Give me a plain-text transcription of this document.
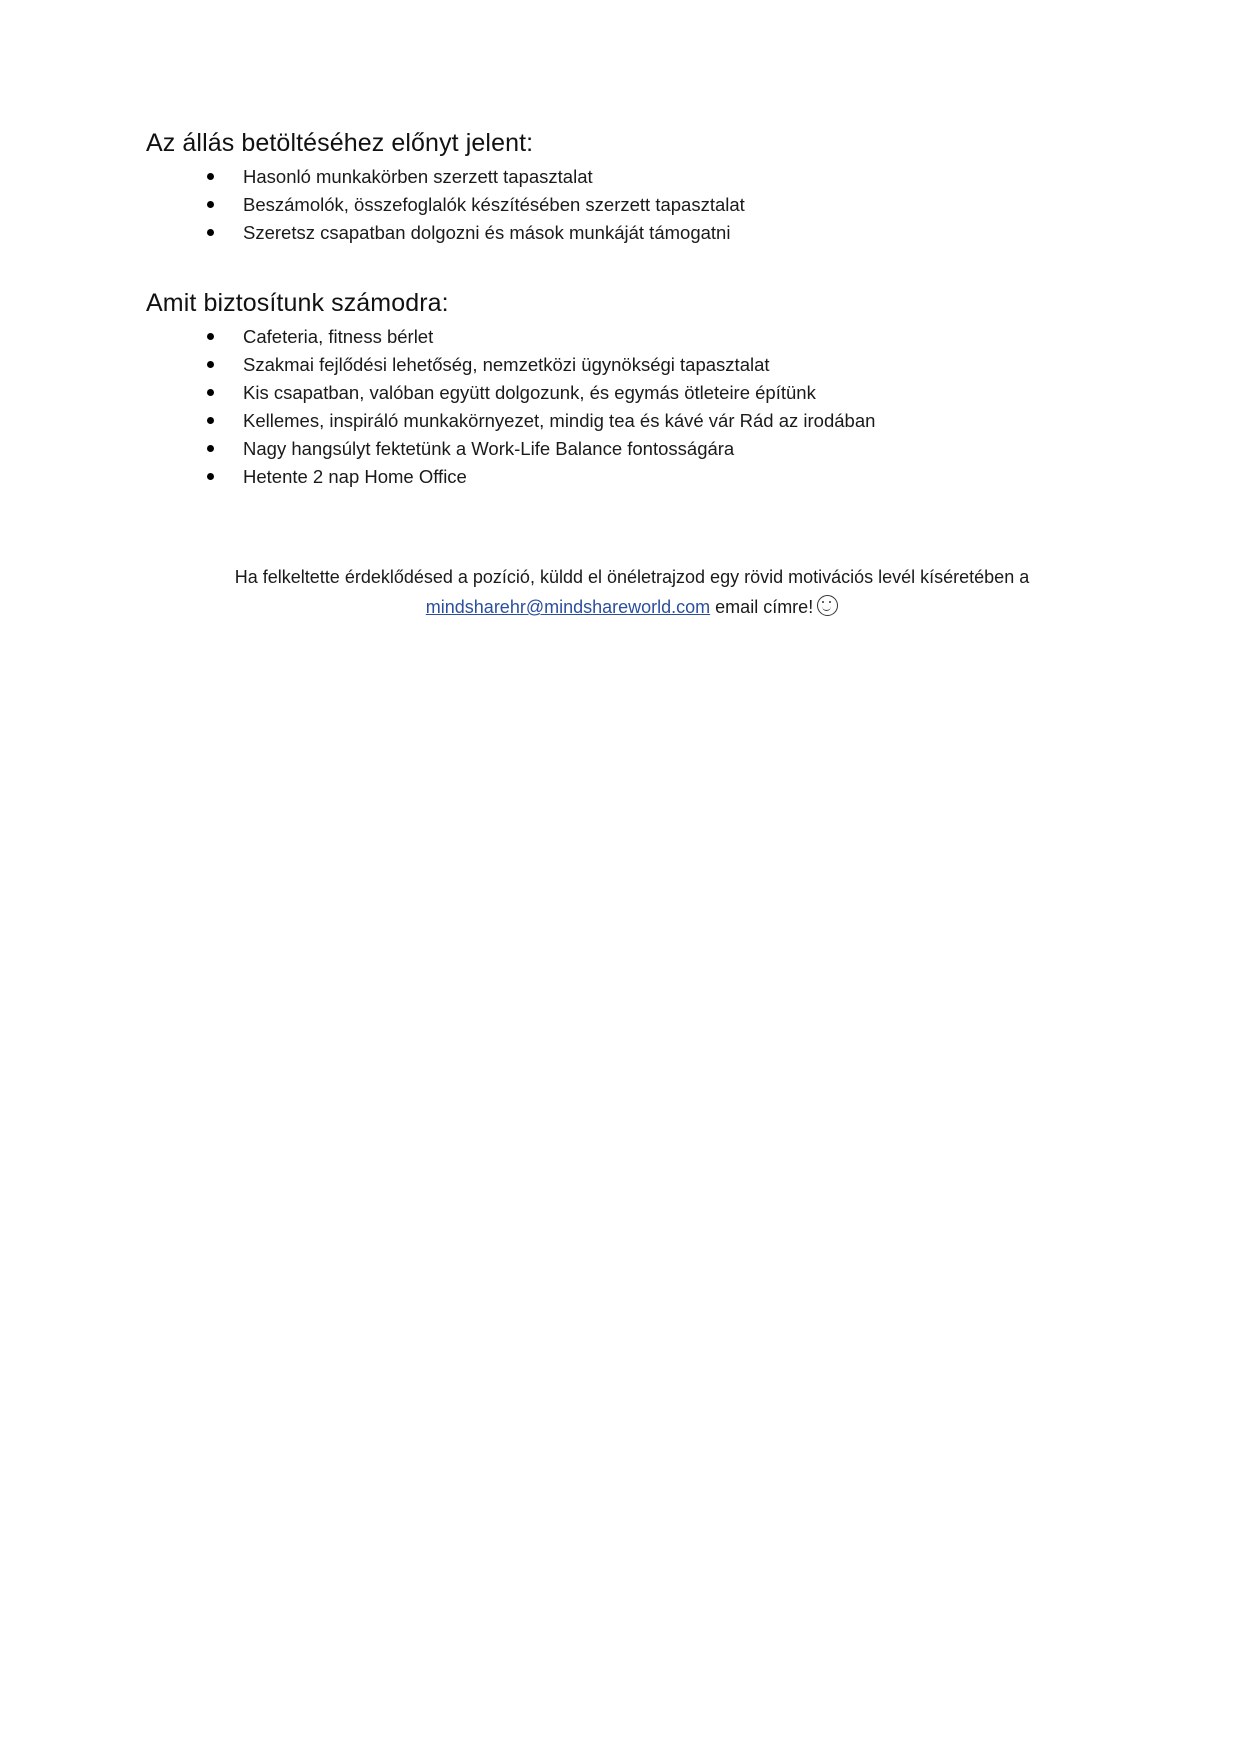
Az állás betöltéséhez előnyt jelent:
Hasonló munkakörben szerzett tapasztalat
Beszámolók, összefoglalók készítésében szerzett tapasztalat
Szeretsz csapatban dolgozni és mások munkáját támogatni
Amit biztosítunk számodra:
Cafeteria, fitness bérlet
Szakmai fejlődési lehetőség, nemzetközi ügynökségi tapasztalat
Kis csapatban, valóban együtt dolgozunk, és egymás ötleteire építünk
Kellemes, inspiráló munkakörnyezet, mindig tea és kávé vár Rád az irodában
Nagy hangsúlyt fektetünk a Work-Life Balance fontosságára
Hetente 2 nap Home Office

Ha felkeltette érdeklődésed a pozíció, küldd el önéletrajzod egy rövid motivációs levél kíséretében a

mindsharehr@mindshareworld.com email címre!
